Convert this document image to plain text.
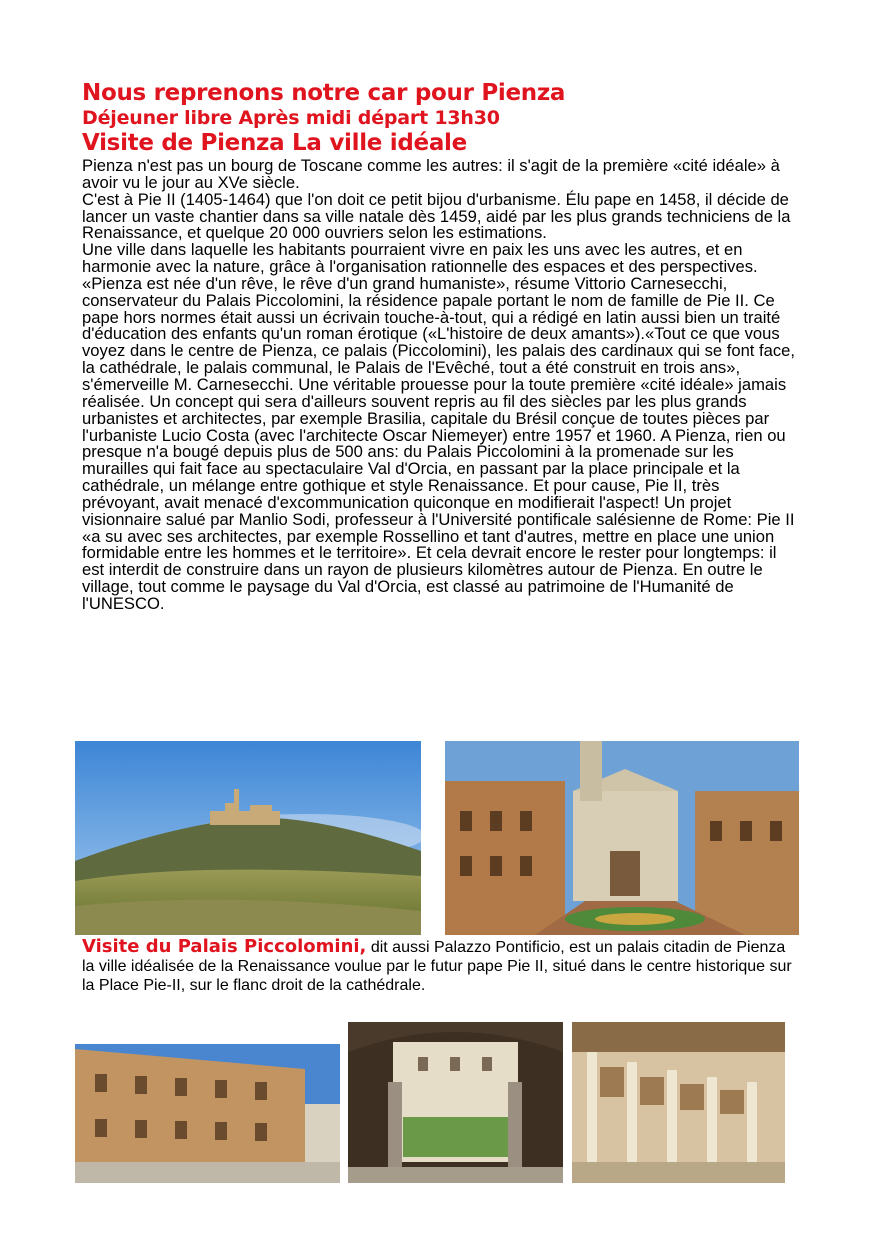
Nous reprenons notre car pour Pienza
Déjeuner libre Après midi départ 13h30
Visite de Pienza La ville idéale

Pienza n'est pas un bourg de Toscane comme les autres: il s'agit de la première «cité idéale» à avoir vu le jour au XVe siècle.

C'est à Pie II (1405-1464) que l'on doit ce petit bijou d'urbanisme. Élu pape en 1458, il décide de lancer un vaste chantier dans sa ville natale dès 1459, aidé par les plus grands techniciens de la Renaissance, et quelque 20 000 ouvriers selon les estimations.

Une ville dans laquelle les habitants pourraient vivre en paix les uns avec les autres, et en harmonie avec la nature, grâce à l'organisation rationnelle des espaces et des perspectives.

«Pienza est née d'un rêve, le rêve d'un grand humaniste», résume Vittorio Carnesecchi, conservateur du Palais Piccolomini, la résidence papale portant le nom de famille de Pie II. Ce pape hors normes était aussi un écrivain touche-à-tout, qui a rédigé en latin aussi bien un traité d'éducation des enfants qu'un roman érotique («L'histoire de deux amants»).«Tout ce que vous voyez dans le centre de Pienza, ce palais (Piccolomini), les palais des cardinaux qui se font face, la cathédrale, le palais communal, le Palais de l'Evêché, tout a été construit en trois ans», s'émerveille M. Carnesecchi. Une véritable prouesse pour la toute première «cité idéale» jamais réalisée. Un concept qui sera d'ailleurs souvent repris au fil des siècles par les plus grands urbanistes et architectes, par exemple Brasilia, capitale du Brésil conçue de toutes pièces par l'urbaniste Lucio Costa (avec l'architecte Oscar Niemeyer) entre 1957 et 1960. A Pienza, rien ou presque n'a bougé depuis plus de 500 ans: du Palais Piccolomini à la promenade sur les murailles qui fait face au spectaculaire Val d'Orcia, en passant par la place principale et la cathédrale, un mélange entre gothique et style Renaissance. Et pour cause, Pie II, très prévoyant, avait menacé d'excommunication quiconque en modifierait l'aspect! Un projet visionnaire salué par Manlio Sodi, professeur à l'Université pontificale salésienne de Rome: Pie II «a su avec ses architectes, par exemple Rossellino et tant d'autres, mettre en place une union formidable entre les hommes et le territoire». Et cela devrait encore le rester pour longtemps: il est interdit de construire dans un rayon de plusieurs kilomètres autour de Pienza. En outre le village, tout comme le paysage du Val d'Orcia, est classé au patrimoine de l'Humanité de l'UNESCO.

Visite du Palais Piccolomini, dit aussi Palazzo Pontificio, est un palais citadin de Pienza la ville idéalisée de la Renaissance voulue par le futur pape Pie II, situé dans le centre historique sur la Place Pie-II, sur le flanc droit de la cathédrale.
